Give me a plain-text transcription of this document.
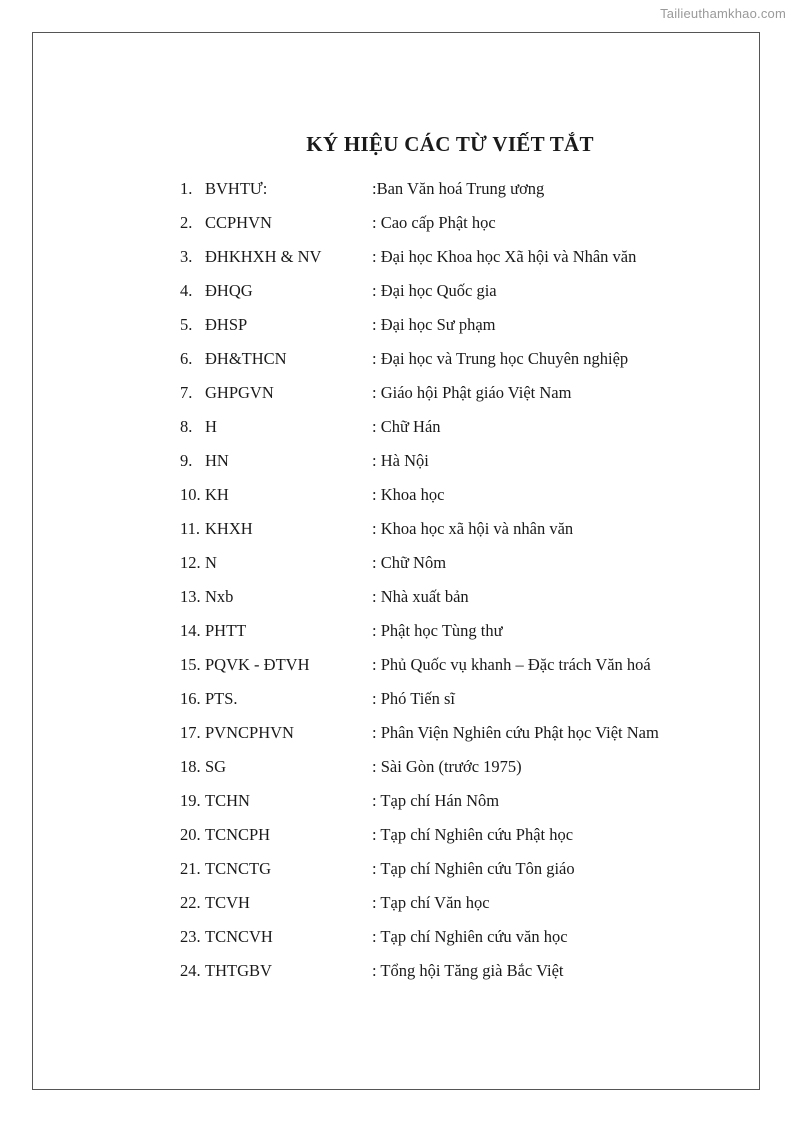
Tailieuthamkhao.com
KÝ HIỆU CÁC TỪ VIẾT TẮT
1. BVHTƯ:	:Ban Văn hoá Trung ương
2. CCPHVN	: Cao cấp Phật học
3. ĐHKHXH & NV	: Đại học Khoa học Xã hội và Nhân văn
4. ĐHQG	: Đại học Quốc gia
5. ĐHSP	: Đại học Sư phạm
6. ĐH&THCN	: Đại học và Trung học Chuyên nghiệp
7. GHPGVN	: Giáo hội Phật giáo Việt Nam
8. H	: Chữ Hán
9. HN	: Hà Nội
10. KH	: Khoa học
11. KHXH	: Khoa học xã hội và nhân văn
12. N	: Chữ Nôm
13. Nxb	: Nhà xuất bản
14. PHTT	: Phật học Tùng thư
15. PQVK - ĐTVH	: Phủ Quốc vụ khanh – Đặc trách Văn hoá
16. PTS.	: Phó Tiến sĩ
17. PVNCPHVN	: Phân Viện Nghiên cứu Phật học Việt Nam
18. SG	: Sài Gòn (trước 1975)
19. TCHN	: Tạp chí Hán Nôm
20. TCNCPH	: Tạp chí Nghiên cứu Phật học
21. TCNCTG	: Tạp chí Nghiên cứu Tôn giáo
22. TCVH	: Tạp chí Văn học
23. TCNCVH	: Tạp chí Nghiên cứu văn học
24. THTGBV	: Tổng hội Tăng già Bắc Việt
